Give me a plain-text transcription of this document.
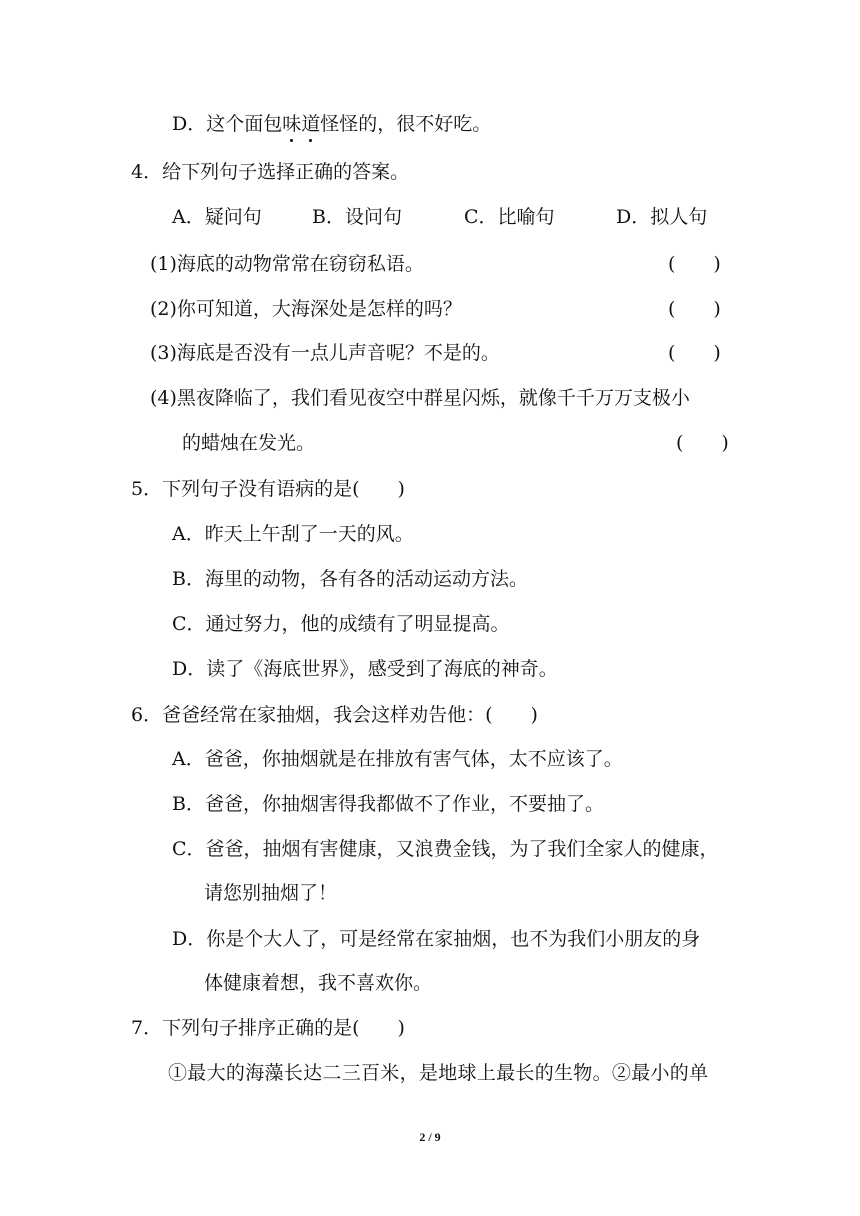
D．这个面包味道怪怪的，很不好吃。
4．给下列句子选择正确的答案。
A．疑问句	B．设问句	C．比喻句	D．拟人句
(1)海底的动物常常在窃窃私语。	(　　)
(2)你可知道，大海深处是怎样的吗？	(　　)
(3)海底是否没有一点儿声音呢？不是的。	(　　)
(4)黑夜降临了，我们看见夜空中群星闪烁，就像千千万万支极小
的蜡烛在发光。	(　　)
5．下列句子没有语病的是(　　)
A．昨天上午刮了一天的风。
B．海里的动物，各有各的活动运动方法。
C．通过努力，他的成绩有了明显提高。
D．读了《海底世界》，感受到了海底的神奇。
6．爸爸经常在家抽烟，我会这样劝告他：(　　)
A．爸爸，你抽烟就是在排放有害气体，太不应该了。
B．爸爸，你抽烟害得我都做不了作业，不要抽了。
C．爸爸，抽烟有害健康，又浪费金钱，为了我们全家人的健康，
请您别抽烟了！
D．你是个大人了，可是经常在家抽烟，也不为我们小朋友的身
体健康着想，我不喜欢你。
7．下列句子排序正确的是(　　)
①最大的海藻长达二三百米，是地球上最长的生物。②最小的单
2 / 9
